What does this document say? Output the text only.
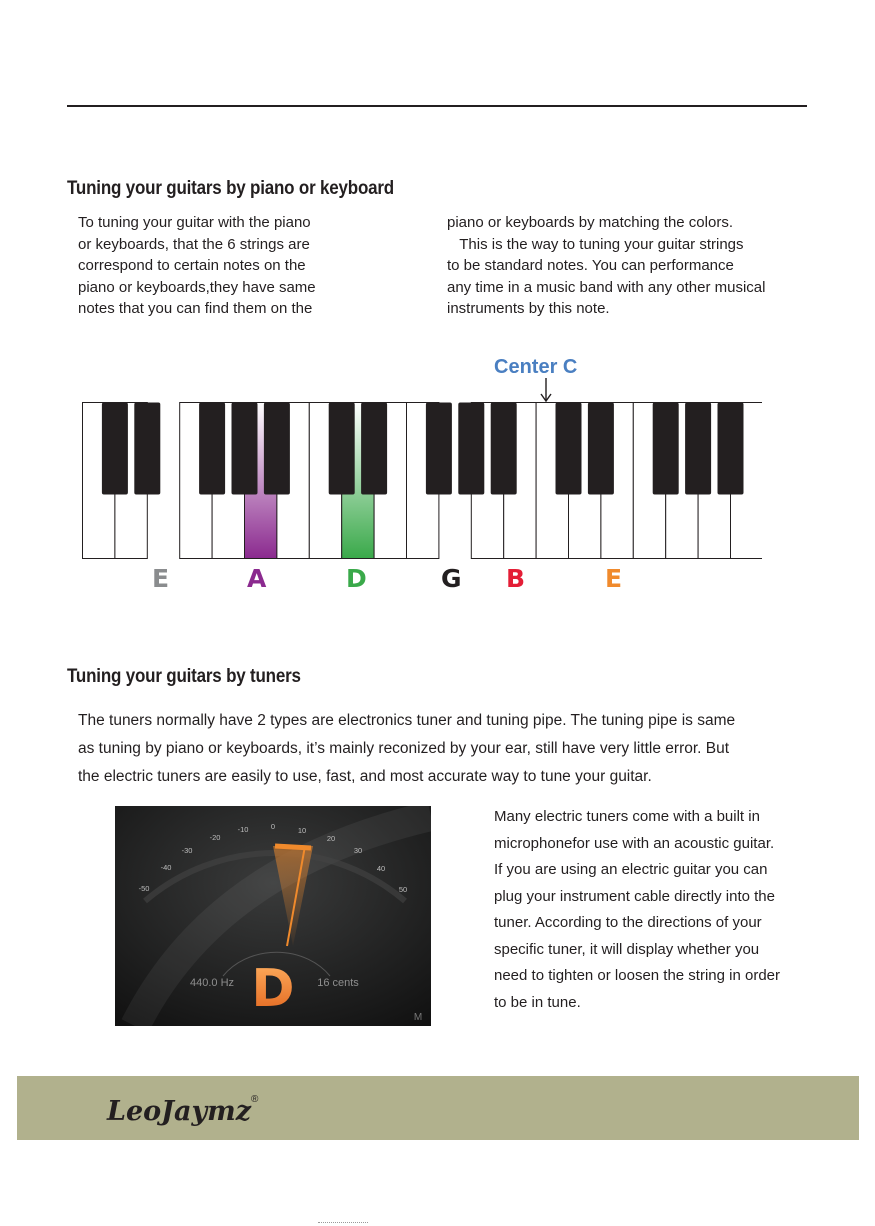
Tuning your guitars by piano or keyboard
To tuning your guitar with the piano
or keyboards, that the 6 strings are
correspond to certain notes on the
piano or keyboards,they have same
notes that you can find them on the
piano or keyboards by matching the colors.
This is the way to tuning your guitar strings
to be standard notes. You can performance
any time in a music band with any other musical
instruments by this note.
Center C
E	A	D	G B	E
Tuning your guitars by tuners
The tuners normally have 2 types are electronics tuner and tuning pipe. The tuning pipe is same
as tuning by piano or keyboards, it’s mainly reconized by your ear, still have very little error. But
the electric tuners are easily to use, fast, and most accurate way to tune your guitar.
-50
-40
-30
-20
-10	0	10
20
30
40
50
440.0 Hz	16 cents
D	M
Many electric tuners come with a built in
microphonefor use with an acoustic guitar.
If you are using an electric guitar you can
plug your instrument cable directly into the
tuner. According to the directions of your
specific tuner, it will display whether you
need to tighten or loosen the string in order
to be in tune.
LeoJaymz ®
